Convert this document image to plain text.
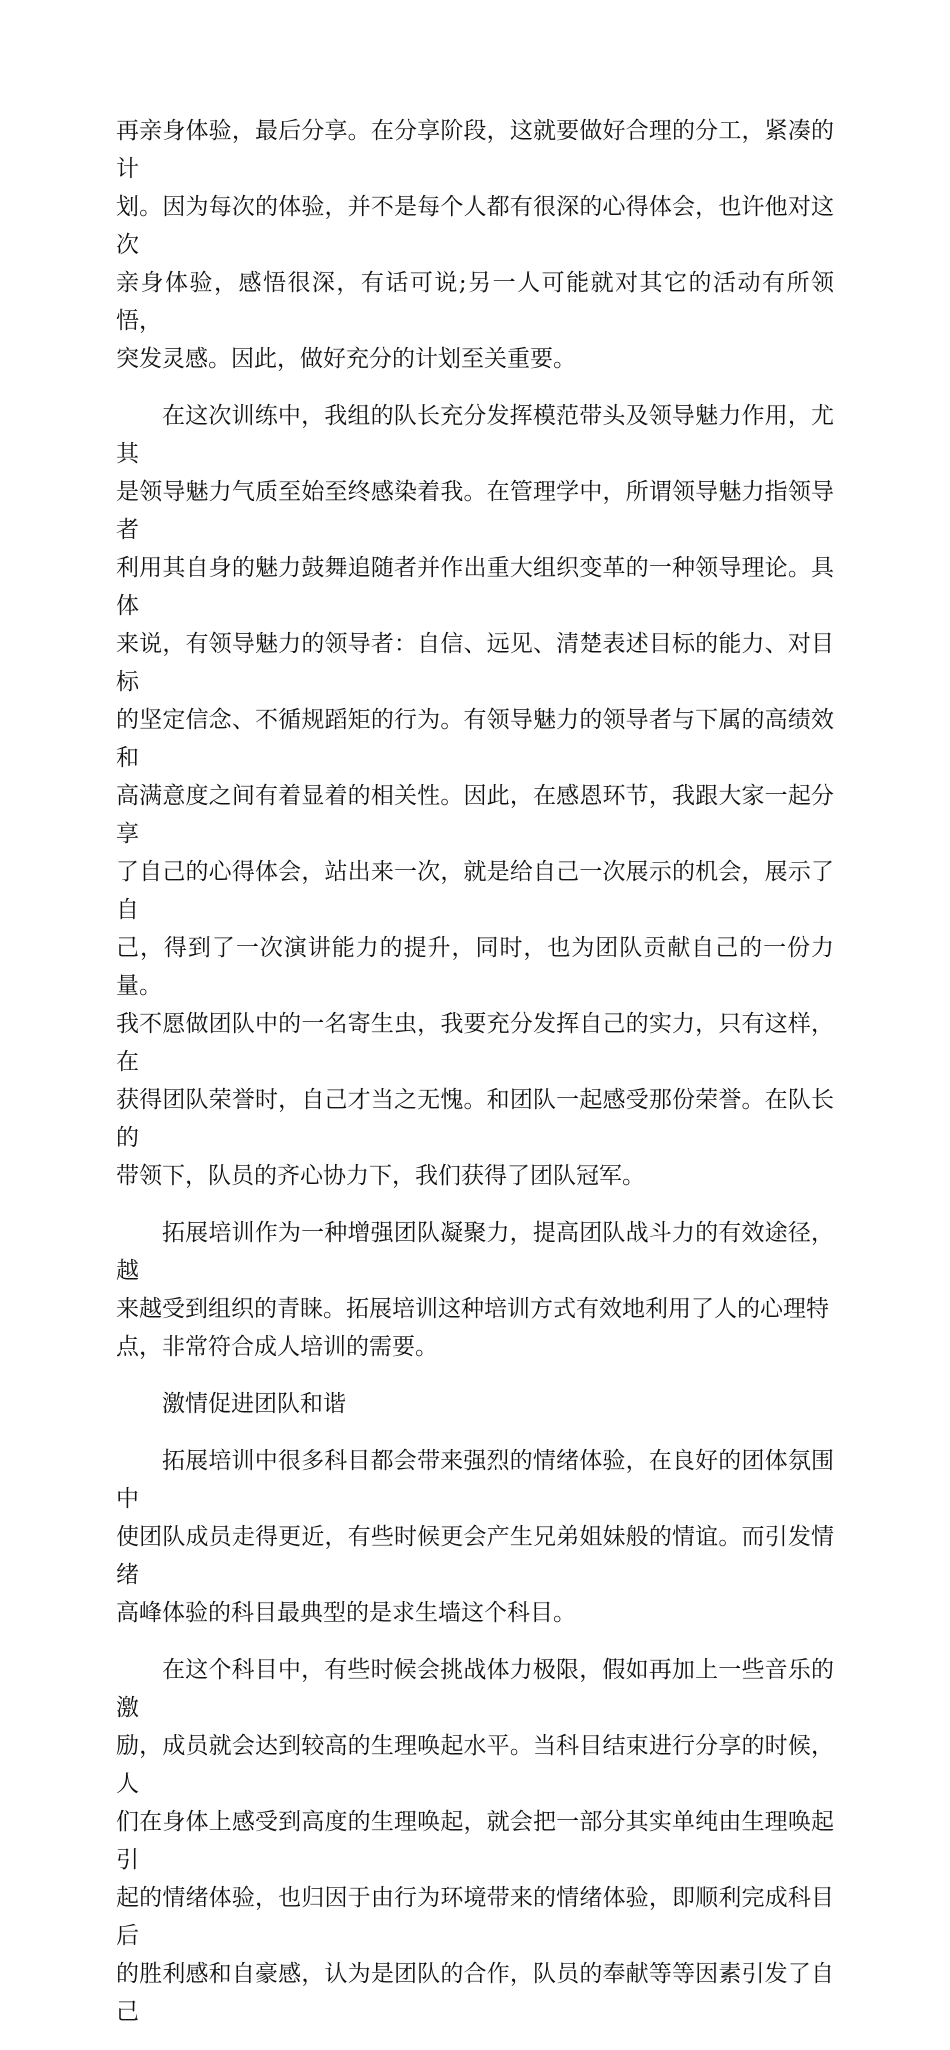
再亲身体验，最后分享。在分享阶段，这就要做好合理的分工，紧凑的计
划。因为每次的体验，并不是每个人都有很深的心得体会，也许他对这次
亲身体验，感悟很深，有话可说;另一人可能就对其它的活动有所领悟，
突发灵感。因此，做好充分的计划至关重要。

在这次训练中，我组的队长充分发挥模范带头及领导魅力作用，尤其
是领导魅力气质至始至终感染着我。在管理学中，所谓领导魅力指领导者
利用其自身的魅力鼓舞追随者并作出重大组织变革的一种领导理论。具体
来说，有领导魅力的领导者：自信、远见、清楚表述目标的能力、对目标
的坚定信念、不循规蹈矩的行为。有领导魅力的领导者与下属的高绩效和
高满意度之间有着显着的相关性。因此，在感恩环节，我跟大家一起分享
了自己的心得体会，站出来一次，就是给自己一次展示的机会，展示了自
己，得到了一次演讲能力的提升，同时，也为团队贡献自己的一份力量。
我不愿做团队中的一名寄生虫，我要充分发挥自己的实力，只有这样，在
获得团队荣誉时，自己才当之无愧。和团队一起感受那份荣誉。在队长的
带领下，队员的齐心协力下，我们获得了团队冠军。

拓展培训作为一种增强团队凝聚力，提高团队战斗力的有效途径，越
来越受到组织的青睐。拓展培训这种培训方式有效地利用了人的心理特
点，非常符合成人培训的需要。

激情促进团队和谐

拓展培训中很多科目都会带来强烈的情绪体验，在良好的团体氛围中
使团队成员走得更近，有些时候更会产生兄弟姐妹般的情谊。而引发情绪
高峰体验的科目最典型的是求生墙这个科目。

在这个科目中，有些时候会挑战体力极限，假如再加上一些音乐的激
励，成员就会达到较高的生理唤起水平。当科目结束进行分享的时候，人
们在身体上感受到高度的生理唤起，就会把一部分其实单纯由生理唤起引
起的情绪体验，也归因于由行为环境带来的情绪体验，即顺利完成科目后
的胜利感和自豪感，认为是团队的合作，队员的奉献等等因素引发了自己
